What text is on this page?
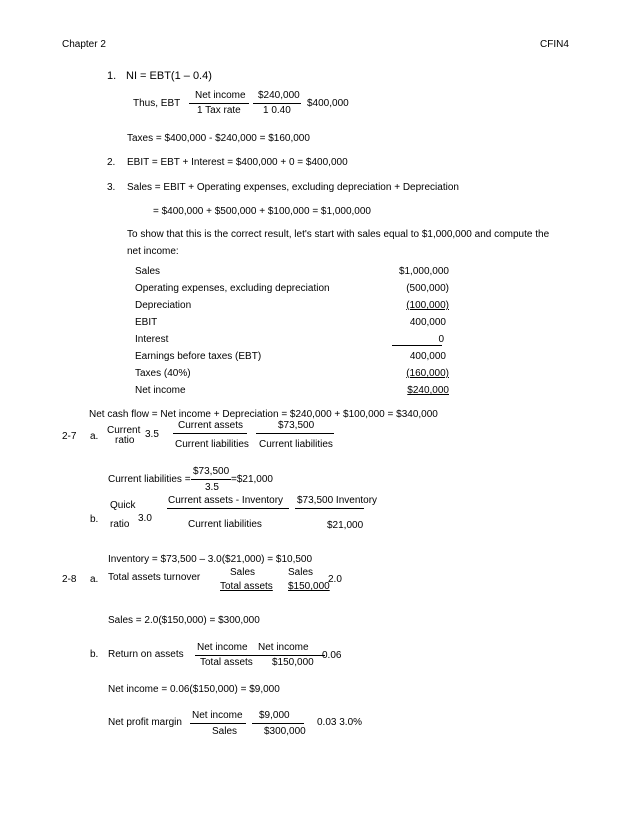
Chapter 2	CFIN4
1. NI = EBT(1 – 0.4)
Thus, EBT
Net income
1 Tax rate
$240,000
1 0.40
$400,000
Taxes = $400,000 - $240,000 = $160,000
2. EBIT = EBT + Interest = $400,000 + 0 = $400,000
3. Sales = EBIT + Operating expenses, excluding depreciation + Depreciation
= $400,000 + $500,000 + $100,000 = $1,000,000
To show that this is the correct result, let's start with sales equal to $1,000,000 and compute the
net income:
Sales	$1,000,000
Operating expenses, excluding depreciation	(500,000)
Depreciation	(100,000)
EBIT	400,000
Interest	0
Earnings before taxes (EBT)	400,000
Taxes (40%)	(160,000)
Net income	$240,000
Net cash flow = Net income + Depreciation = $240,000 + $100,000 = $340,000
2-7 a.
Current
ratio
3.5
Current assets	$73,500
Current liabilities Current liabilities
Current liabilities =
$73,500
3.5
=$21,000
b.
Quick
ratio
3.0
Current assets - Inventory $73,500 Inventory
Current liabilities	$21,000
Inventory = $73,500 – 3.0($21,000) = $10,500
2-8 a. Total assets turnover	Sales	Sales
Total assets $150,000
2.0
Sales = 2.0($150,000) = $300,000
b. Return on assets
Net income Net income
Total assets $150,000
0.06
Net income = 0.06($150,000) = $9,000
Net profit margin
Net income $9,000
Sales	$300,000
0.03 3.0%
